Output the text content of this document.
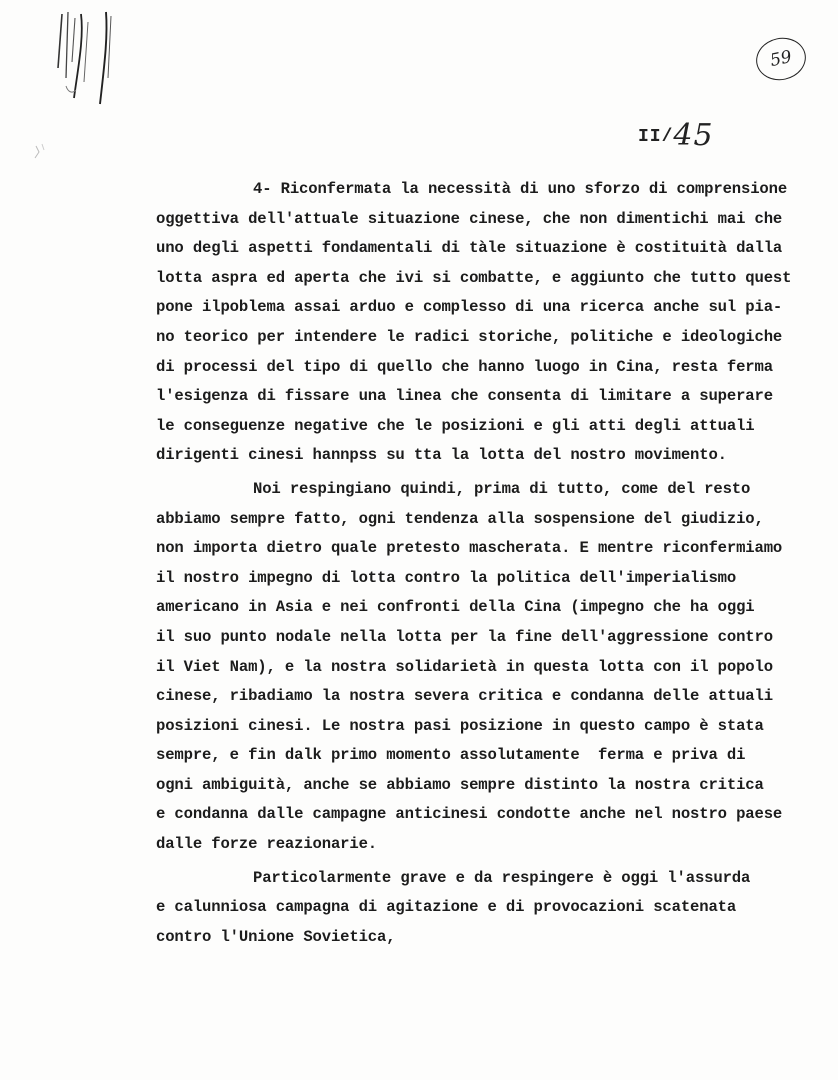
59
II/45
4- Riconfermata la necessità di uno sforzo di comprensione
oggettiva dell'attuale situazione cinese, che non dimentichi mai che
uno degli aspetti fondamentali di tàle situazione è costituità dalla
lotta aspra ed aperta che ivi si combatte, e aggiunto che tutto quest
pone ilpoblema assai arduo e complesso di una ricerca anche sul pia-
no teorico per intendere le radici storiche, politiche e ideologiche
di processi del tipo di quello che hanno luogo in Cina, resta ferma
l'esigenza di fissare una linea che consenta di limitare a superare
le conseguenze negative che le posizioni e gli atti degli attuali
dirigenti cinesi hannpss su tta la lotta del nostro movimento.
Noi respingiano quindi, prima di tutto, come del resto
abbiamo sempre fatto, ogni tendenza alla sospensione del giudizio,
non importa dietro quale pretesto mascherata. E mentre riconfermiamo
il nostro impegno di lotta contro la politica dell'imperialismo
americano in Asia e nei confronti della Cina (impegno che ha oggi
il suo punto nodale nella lotta per la fine dell'aggressione contro
il Viet Nam), e la nostra solidarietà in questa lotta con il popolo
cinese, ribadiamo la nostra severa critica e condanna delle attuali
posizioni cinesi. Le nostra pasi posizione in questo campo è stata
sempre, e fin dalk primo momento assolutamente  ferma e priva di
ogni ambiguità, anche se abbiamo sempre distinto la nostra critica
e condanna dalle campagne anticinesi condotte anche nel nostro paese
dalle forze reazionarie.
Particolarmente grave e da respingere è oggi l'assurda
e calunniosa campagna di agitazione e di provocazioni scatenata
contro l'Unione Sovietica,
